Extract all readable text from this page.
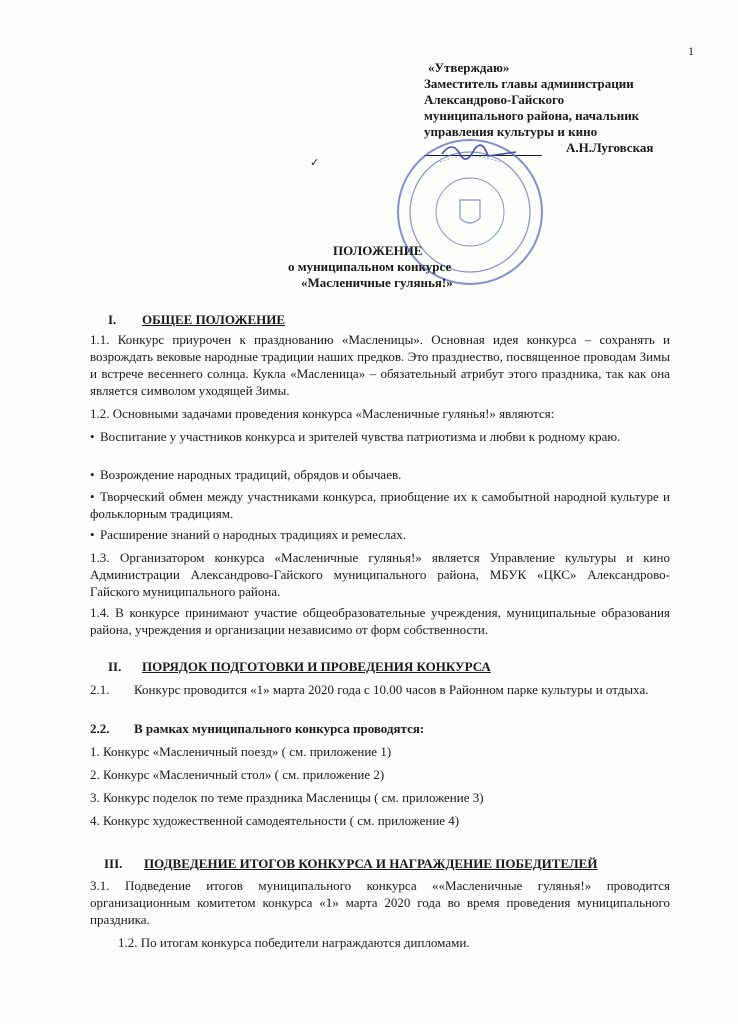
1
«Утверждаю»
Заместитель главы администрации
Александрово-Гайского
муниципального района, начальник
управления культуры и кино
А.Н.Луговская
✓
ПОЛОЖЕНИЕ
о муниципальном конкурсе
«Масленичные гулянья!»
I. ОБЩЕЕ ПОЛОЖЕНИЕ
1.1. Конкурс приурочен к празднованию «Масленицы». Основная идея конкурса – сохранять и возрождать вековые народные традиции наших предков. Это празднество, посвященное проводам Зимы и встрече весеннего солнца. Кукла «Масленица» – обязательный атрибут этого праздника, так как она является символом уходящей Зимы.
1.2. Основными задачами проведения конкурса «Масленичные гулянья!» являются:
• Воспитание у участников конкурса и зрителей чувства патриотизма и любви к родному краю.
• Возрождение народных традиций, обрядов и обычаев.
• Творческий обмен между участниками конкурса, приобщение их к самобытной народной культуре и фольклорным традициям.
• Расширение знаний о народных традициях и ремеслах.
1.3. Организатором конкурса «Масленичные гулянья!» является Управление культуры и кино Администрации Александрово-Гайского муниципального района, МБУК «ЦКС» Александрово-Гайского муниципального района.
1.4. В конкурсе принимают участие общеобразовательные учреждения, муниципальные образования района, учреждения и организации независимо от форм собственности.
II. ПОРЯДОК ПОДГОТОВКИ И ПРОВЕДЕНИЯ КОНКУРСА
2.1. Конкурс проводится «1» марта 2020 года с 10.00 часов в Районном парке культуры и отдыха.
2.2. В рамках муниципального конкурса проводятся:
1. Конкурс «Масленичный поезд» ( см. приложение 1)
2. Конкурс «Масленичный стол» ( см. приложение 2)
3. Конкурс поделок по теме праздника Масленицы ( см. приложение 3)
4. Конкурс художественной самодеятельности ( см. приложение 4)
III. ПОДВЕДЕНИЕ ИТОГОВ КОНКУРСА И НАГРАЖДЕНИЕ ПОБЕДИТЕЛЕЙ
3.1. Подведение итогов муниципального конкурса ««Масленичные гулянья!» проводится организационным комитетом конкурса «1» марта 2020 года во время проведения муниципального праздника.
1.2. По итогам конкурса победители награждаются дипломами.
